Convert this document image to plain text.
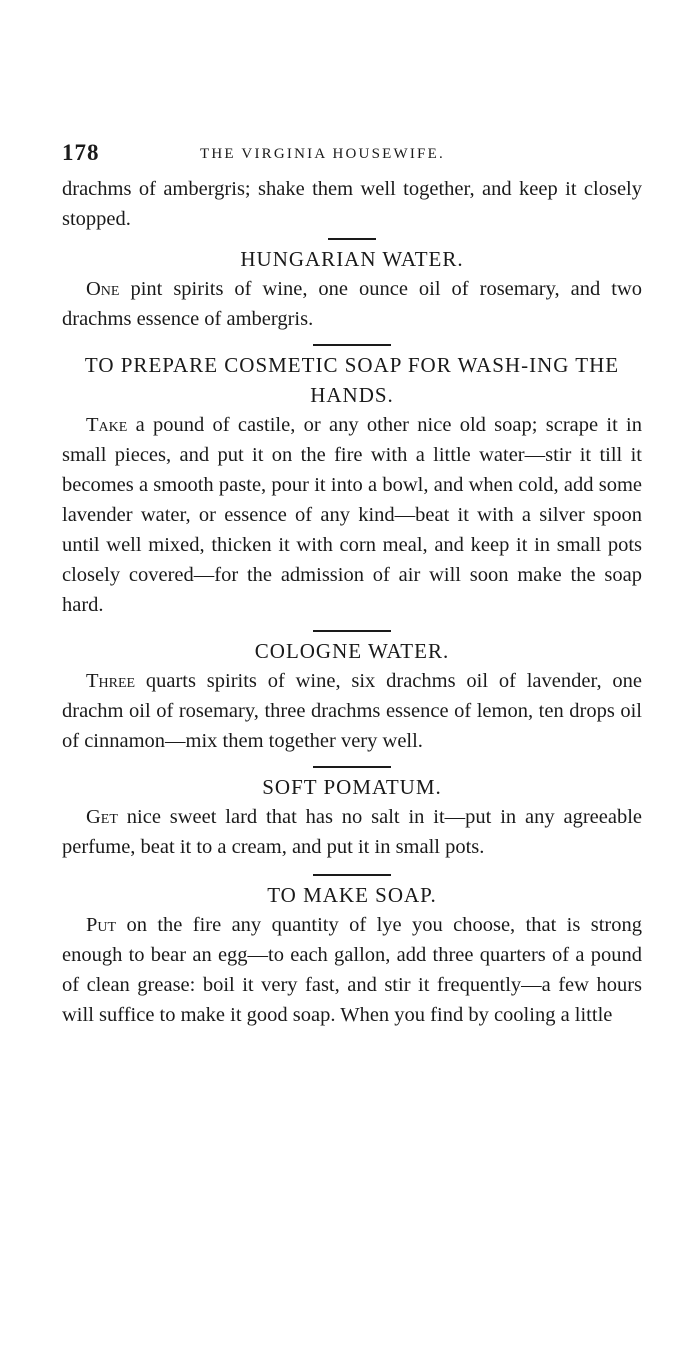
178	THE VIRGINIA HOUSEWIFE.

drachms of ambergris; shake them well together, and keep it closely stopped.

HUNGARIAN WATER.

One pint spirits of wine, one ounce oil of rosemary, and two drachms essence of ambergris.

TO PREPARE COSMETIC SOAP FOR WASH-ING THE HANDS.

Take a pound of castile, or any other nice old soap; scrape it in small pieces, and put it on the fire with a little water—stir it till it becomes a smooth paste, pour it into a bowl, and when cold, add some lavender water, or essence of any kind—beat it with a silver spoon until well mixed, thicken it with corn meal, and keep it in small pots closely covered—for the admission of air will soon make the soap hard.

COLOGNE WATER.

Three quarts spirits of wine, six drachms oil of lavender, one drachm oil of rosemary, three drachms essence of lemon, ten drops oil of cinnamon—mix them together very well.

SOFT POMATUM.

Get nice sweet lard that has no salt in it—put in any agreeable perfume, beat it to a cream, and put it in small pots.

TO MAKE SOAP.

Put on the fire any quantity of lye you choose, that is strong enough to bear an egg—to each gallon, add three quarters of a pound of clean grease: boil it very fast, and stir it frequently—a few hours will suffice to make it good soap. When you find by cooling a little
